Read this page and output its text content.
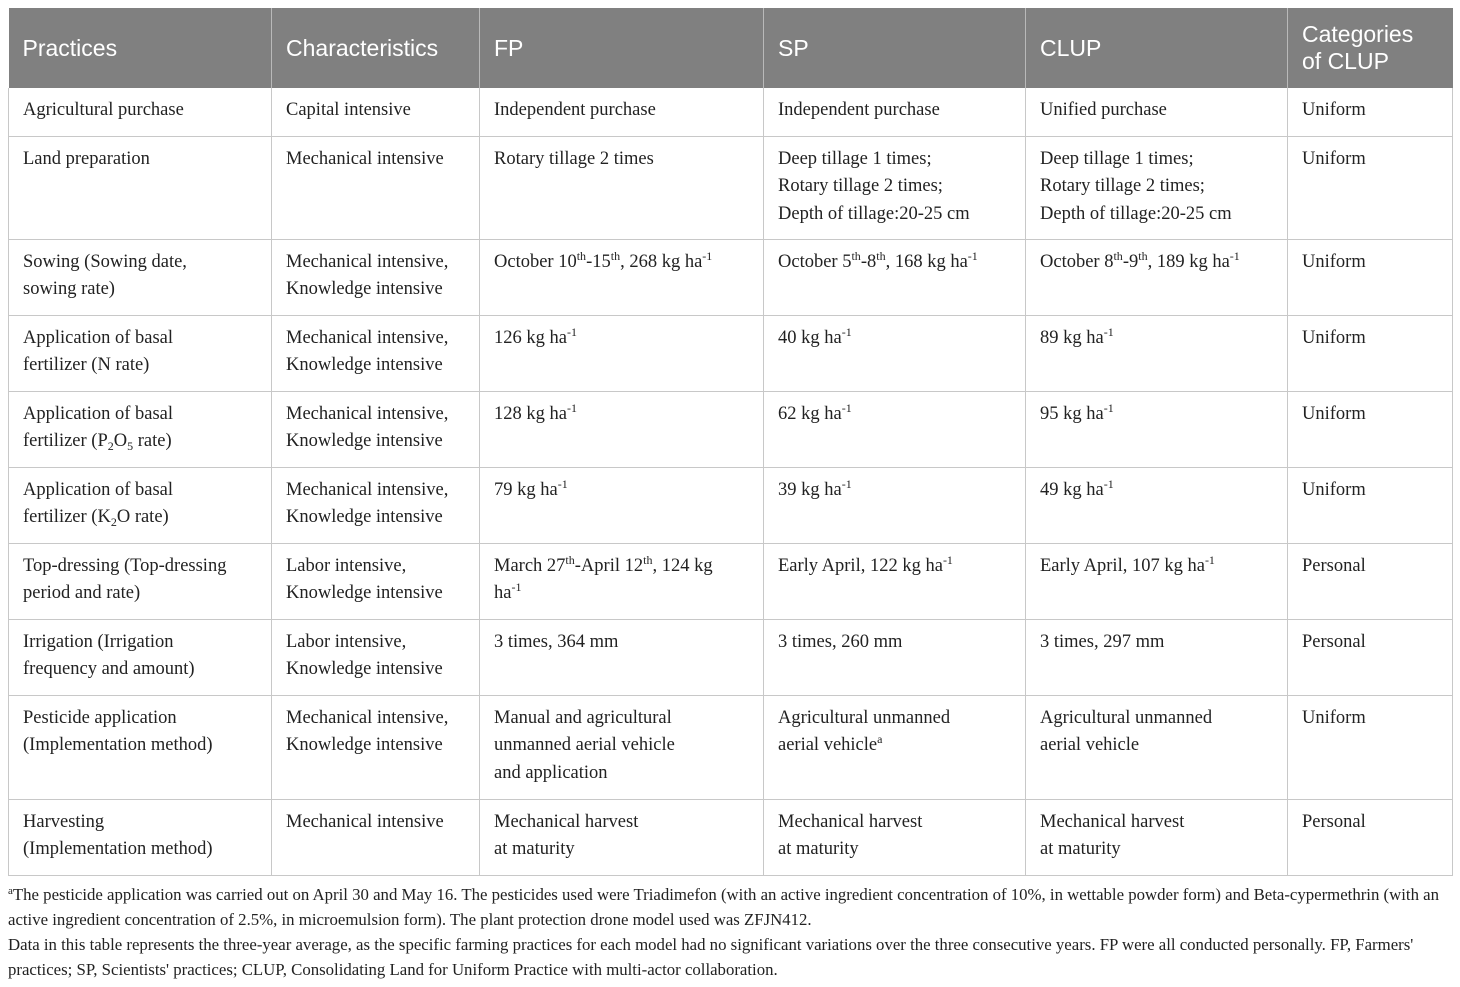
Practices	Characteristics	FP	SP	CLUP	Categories of CLUP

Agricultural purchase	Capital intensive	Independent purchase	Independent purchase	Unified purchase	Uniform

Land preparation	Mechanical intensive	Rotary tillage 2 times	Deep tillage 1 times;
Rotary tillage 2 times;
Depth of tillage:20-25 cm	Deep tillage 1 times;
Rotary tillage 2 times;
Depth of tillage:20-25 cm	Uniform

Sowing (Sowing date,
sowing rate)	Mechanical intensive,
Knowledge intensive	October 10th-15th, 268 kg $ha^{-1}$	October 5th-8th, 168 kg $ha^{-1}$	October 8th-9th, 189 kg $ha^{-1}$	Uniform

Application of basal
fertilizer (N rate)	Mechanical intensive,
Knowledge intensive	126 kg $ha^{-1}$	40 kg $ha^{-1}$	89 kg $ha^{-1}$	Uniform

Application of basal
fertilizer ($P_2O_5$ rate)	Mechanical intensive,
Knowledge intensive	128 kg $ha^{-1}$	62 kg $ha^{-1}$	95 kg $ha^{-1}$	Uniform

Application of basal
fertilizer ($K_2O$ rate)	Mechanical intensive,
Knowledge intensive	79 kg $ha^{-1}$	39 kg $ha^{-1}$	49 kg $ha^{-1}$	Uniform

Top-dressing (Top-dressing
period and rate)	Labor intensive,
Knowledge intensive	March 27th-April 12th, 124 kg
$ha^{-1}$	Early April, 122 kg $ha^{-1}$	Early April, 107 kg $ha^{-1}$	Personal

Irrigation (Irrigation
frequency and amount)	Labor intensive,
Knowledge intensive	3 times, 364 mm	3 times, 260 mm	3 times, 297 mm	Personal

Pesticide application
(Implementation method)	Mechanical intensive,
Knowledge intensive	Manual and agricultural
unmanned aerial vehicle
and application	Agricultural unmanned
aerial vehicle$^a$	Agricultural unmanned
aerial vehicle	Uniform

Harvesting
(Implementation method)	Mechanical intensive	Mechanical harvest
at maturity	Mechanical harvest
at maturity	Mechanical harvest
at maturity	Personal

$^a$The pesticide application was carried out on April 30 and May 16. The pesticides used were Triadimefon (with an active ingredient concentration of 10%, in wettable powder form) and Beta-cypermethrin (with an active ingredient concentration of 2.5%, in microemulsion form). The plant protection drone model used was ZFJN412.

Data in this table represents the three-year average, as the specific farming practices for each model had no significant variations over the three consecutive years. FP were all conducted personally. FP, Farmers' practices; SP, Scientists' practices; CLUP, Consolidating Land for Uniform Practice with multi-actor collaboration.
